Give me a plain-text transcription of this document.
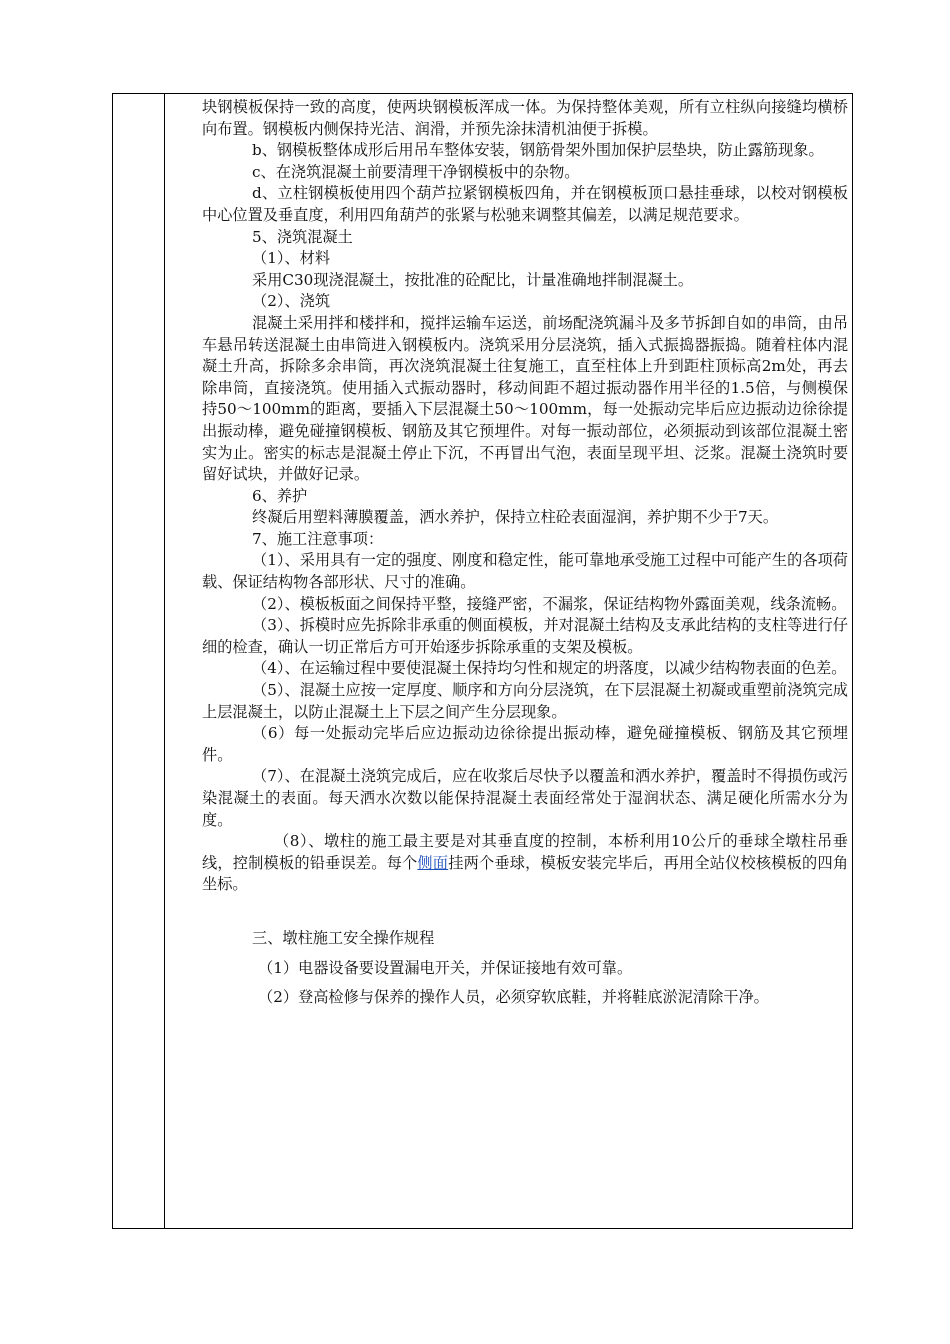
块钢模板保持一致的高度，使两块钢模板浑成一体。为保持整体美观，所有立柱纵向接缝均横桥向布置。钢模板内侧保持光洁、润滑，并预先涂抹清机油便于拆模。

b、钢模板整体成形后用吊车整体安装，钢筋骨架外围加保护层垫块，防止露筋现象。

c、在浇筑混凝土前要清理干净钢模板中的杂物。

d、立柱钢模板使用四个葫芦拉紧钢模板四角，并在钢模板顶口悬挂垂球，以校对钢模板中心位置及垂直度，利用四角葫芦的张紧与松驰来调整其偏差，以满足规范要求。

5、浇筑混凝土

（1）、材料

采用C30现浇混凝土，按批准的砼配比，计量准确地拌制混凝土。

（2）、浇筑

混凝土采用拌和楼拌和，搅拌运输车运送，前场配浇筑漏斗及多节拆卸自如的串筒，由吊车悬吊转送混凝土由串筒进入钢模板内。浇筑采用分层浇筑，插入式振捣器振捣。随着柱体内混凝土升高，拆除多余串筒，再次浇筑混凝土往复施工，直至柱体上升到距柱顶标高2m处，再去除串筒，直接浇筑。使用插入式振动器时，移动间距不超过振动器作用半径的1.5倍，与侧模保持50～100mm的距离，要插入下层混凝土50～100mm，每一处振动完毕后应边振动边徐徐提出振动棒，避免碰撞钢模板、钢筋及其它预埋件。对每一振动部位，必须振动到该部位混凝土密实为止。密实的标志是混凝土停止下沉，不再冒出气泡，表面呈现平坦、泛浆。混凝土浇筑时要留好试块，并做好记录。

6、养护

终凝后用塑料薄膜覆盖，洒水养护，保持立柱砼表面湿润，养护期不少于7天。

7、施工注意事项：

（1）、采用具有一定的强度、刚度和稳定性，能可靠地承受施工过程中可能产生的各项荷载、保证结构物各部形状、尺寸的准确。

（2）、模板板面之间保持平整，接缝严密，不漏浆，保证结构物外露面美观，线条流畅。

（3）、拆模时应先拆除非承重的侧面模板，并对混凝土结构及支承此结构的支柱等进行仔细的检查，确认一切正常后方可开始逐步拆除承重的支架及模板。

（4）、在运输过程中要使混凝土保持均匀性和规定的坍落度，以减少结构物表面的色差。

（5）、混凝土应按一定厚度、顺序和方向分层浇筑，在下层混凝土初凝或重塑前浇筑完成上层混凝土，以防止混凝土上下层之间产生分层现象。

（6）每一处振动完毕后应边振动边徐徐提出振动棒，避免碰撞模板、钢筋及其它预埋件。

（7）、在混凝土浇筑完成后，应在收浆后尽快予以覆盖和洒水养护，覆盖时不得损伤或污染混凝土的表面。每天洒水次数以能保持混凝土表面经常处于湿润状态、满足硬化所需水分为度。

（8）、墩柱的施工最主要是对其垂直度的控制，本桥利用10公斤的垂球全墩柱吊垂线，控制模板的铅垂误差。每个侧面挂两个垂球，模板安装完毕后，再用全站仪校核模板的四角坐标。

三、墩柱施工安全操作规程

（1）电器设备要设置漏电开关，并保证接地有效可靠。

（2）登高检修与保养的操作人员，必须穿软底鞋，并将鞋底淤泥清除干净。
